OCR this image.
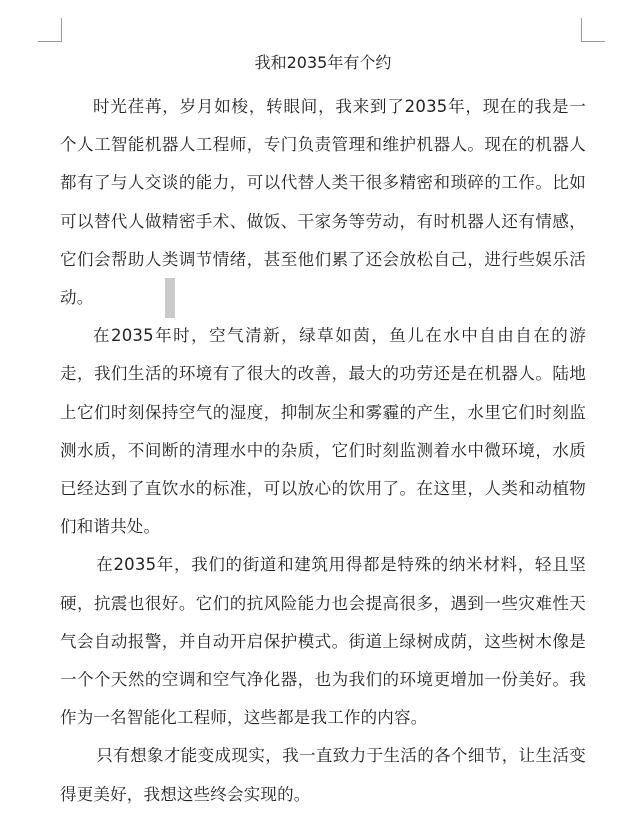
我和2035年有个约

时光荏苒，岁月如梭，转眼间，我来到了2035年，现在的我是一个人工智能机器人工程师，专门负责管理和维护机器人。现在的机器人都有了与人交谈的能力，可以代替人类干很多精密和琐碎的工作。比如可以替代人做精密手术、做饭、干家务等劳动，有时机器人还有情感，它们会帮助人类调节情绪，甚至他们累了还会放松自己，进行些娱乐活动。

在2035年时，空气清新，绿草如茵，鱼儿在水中自由自在的游走，我们生活的环境有了很大的改善，最大的功劳还是在机器人。陆地上它们时刻保持空气的湿度，抑制灰尘和雾霾的产生，水里它们时刻监测水质，不间断的清理水中的杂质，它们时刻监测着水中微环境，水质已经达到了直饮水的标准，可以放心的饮用了。在这里，人类和动植物们和谐共处。

在2035年，我们的街道和建筑用得都是特殊的纳米材料，轻且坚硬，抗震也很好。它们的抗风险能力也会提高很多，遇到一些灾难性天气会自动报警，并自动开启保护模式。街道上绿树成荫，这些树木像是一个个天然的空调和空气净化器，也为我们的环境更增加一份美好。我作为一名智能化工程师，这些都是我工作的内容。

只有想象才能变成现实，我一直致力于生活的各个细节，让生活变得更美好，我想这些终会实现的。
